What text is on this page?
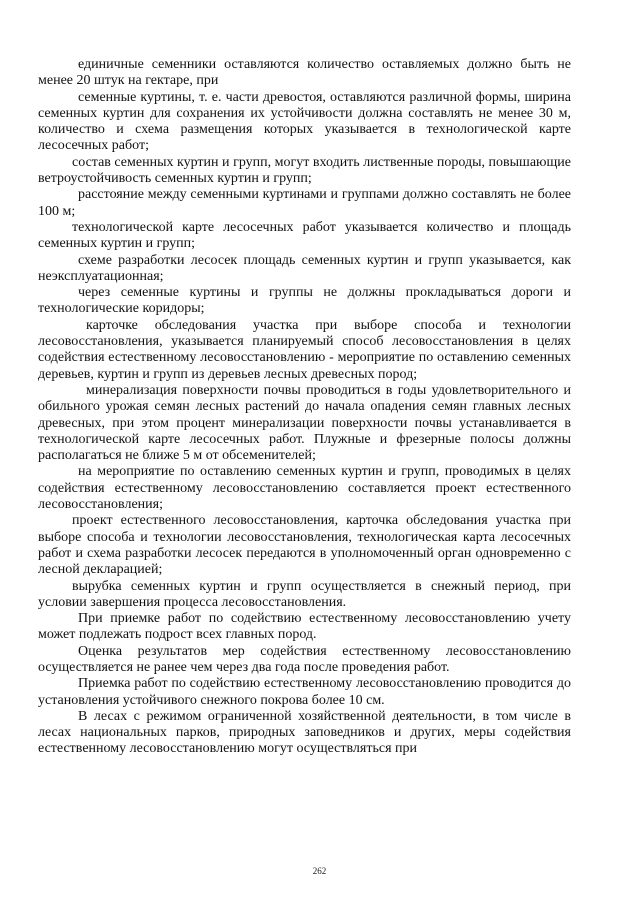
единичные семенники оставляются количество оставляемых должно быть не менее 20 штук на гектаре, при

семенные куртины, т. е. части древостоя, оставляются различной формы, ширина семенных куртин для сохранения их устойчивости должна составлять не менее 30 м, количество и схема размещения которых указывается в технологической карте лесосечных работ;

состав семенных куртин и групп, могут входить лиственные породы, повышающие ветроустойчивость семенных куртин и групп;

расстояние между семенными куртинами и группами должно составлять не более 100 м;

технологической карте лесосечных работ указывается количество и площадь семенных куртин и групп;

схеме разработки лесосек площадь семенных куртин и групп указывается, как неэксплуатационная;

через семенные куртины и группы не должны прокладываться дороги и технологические коридоры;

карточке обследования участка при выборе способа и технологии лесовосстановления, указывается планируемый способ лесовосстановления в целях содействия естественному лесовосстановлению - мероприятие по оставлению семенных деревьев, куртин и групп из деревьев лесных древесных пород;

минерализация поверхности почвы проводиться в годы удовлетворительного и обильного урожая семян лесных растений до начала опадения семян главных лесных древесных, при этом процент минерализации поверхности почвы устанавливается в технологической карте лесосечных работ. Плужные и фрезерные полосы должны располагаться не ближе 5 м от обсеменителей;

на мероприятие по оставлению семенных куртин и групп, проводимых в целях содействия естественному лесовосстановлению составляется проект естественного лесовосстановления;

проект естественного лесовосстановления, карточка обследования участка при выборе способа и технологии лесовосстановления, технологическая карта лесосечных работ и схема разработки лесосек передаются в уполномоченный орган одновременно с лесной декларацией;

вырубка семенных куртин и групп осуществляется в снежный период, при условии завершения процесса лесовосстановления.

При приемке работ по содействию естественному лесовосстановлению учету может подлежать подрост всех главных пород.

Оценка результатов мер содействия естественному лесовосстановлению осуществляется не ранее чем через два года после проведения работ.

Приемка работ по содействию естественному лесовосстановлению проводится до установления устойчивого снежного покрова более 10 см.

В лесах с режимом ограниченной хозяйственной деятельности, в том числе в лесах национальных парков, природных заповедников и других, меры содействия естественному лесовосстановлению могут осуществляться при

262
